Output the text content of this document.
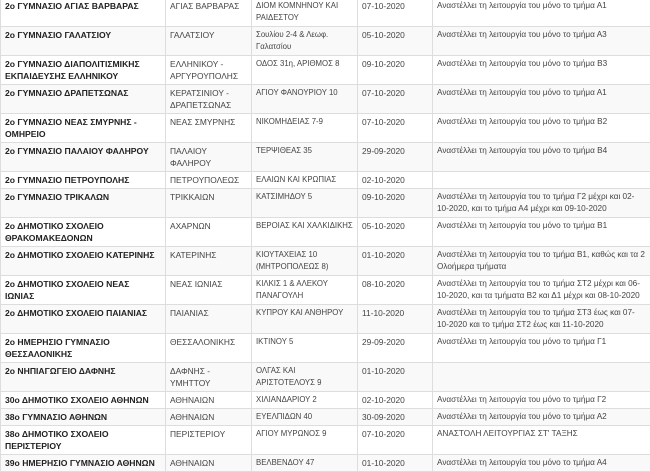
2ο ΓΥΜΝΑΣΙΟ ΑΓΙΑΣ ΒΑΡΒΑΡΑΣ	ΑΓΙΑΣ ΒΑΡΒΑΡΑΣ	ΔΙΟΜ ΚΟΜΝΗΝΟΥ ΚΑΙ ΡΑΙΔΕΣΤΟΥ	07-10-2020	Αναστέλλει τη λειτουργία του μόνο το τμήμα Α1
2ο ΓΥΜΝΑΣΙΟ ΓΑΛΑΤΣΙΟΥ	ΓΑΛΑΤΣΙΟΥ	Σουλίου 2-4 & Λεωφ. Γαλατσίου	05-10-2020	Αναστέλλει τη λειτουργία του μόνο το τμήμα Α3
2ο ΓΥΜΝΑΣΙΟ ΔΙΑΠΟΛΙΤΙΣΜΙΚΗΣ ΕΚΠΑΙΔΕΥΣΗΣ ΕΛΛΗΝΙΚΟΥ	ΕΛΛΗΝΙΚΟΥ - ΑΡΓΥΡΟΥΠΟΛΗΣ	ΟΔΟΣ 31η, ΑΡΙΘΜΟΣ 8	09-10-2020	Αναστέλλει τη λειτουργία του μόνο το τμήμα Β3
2ο ΓΥΜΝΑΣΙΟ ΔΡΑΠΕΤΣΩΝΑΣ	ΚΕΡΑΤΣΙΝΙΟΥ - ΔΡΑΠΕΤΣΩΝΑΣ	ΑΓΙΟΥ ΦΑΝΟΥΡΙΟΥ 10	07-10-2020	Αναστέλλει τη λειτουργία του μόνο το τμήμα Α1
2ο ΓΥΜΝΑΣΙΟ ΝΕΑΣ ΣΜΥΡΝΗΣ - ΟΜΗΡΕΙΟ	ΝΕΑΣ ΣΜΥΡΝΗΣ	ΝΙΚΟΜΗΔΕΙΑΣ 7-9	07-10-2020	Αναστέλλει τη λειτουργία του μόνο το τμήμα Β2
2ο ΓΥΜΝΑΣΙΟ ΠΑΛΑΙΟΥ ΦΑΛΗΡΟΥ	ΠΑΛΑΙΟΥ ΦΑΛΗΡΟΥ	ΤΕΡΨΙΘΕΑΣ 35	29-09-2020	Αναστέλλει τη λειτουργία του μόνο το τμήμα Β4
2ο ΓΥΜΝΑΣΙΟ ΠΕΤΡΟΥΠΟΛΗΣ	ΠΕΤΡΟΥΠΟΛΕΩΣ	ΕΛΑΙΩΝ ΚΑΙ ΚΡΩΠΙΑΣ	02-10-2020	
2ο ΓΥΜΝΑΣΙΟ ΤΡΙΚΑΛΩΝ	ΤΡΙΚΚΑΙΩΝ	ΚΑΤΣΙΜΗΔΟΥ 5	09-10-2020	Αναστέλλει τη λειτουργία του το τμήμα Γ2 μέχρι και 02-10-2020, και τo τμήμα Α4 μέχρι και 09-10-2020
2ο ΔΗΜΟΤΙΚΟ ΣΧΟΛΕΙΟ ΘΡΑΚΟΜΑΚΕΔΟΝΩΝ	ΑΧΑΡΝΩΝ	ΒΕΡΟΙΑΣ ΚΑΙ ΧΑΛΚΙΔΙΚΗΣ	05-10-2020	Αναστέλλει τη λειτουργία του μόνο το τμήμα Β1
2ο ΔΗΜΟΤΙΚΟ ΣΧΟΛΕΙΟ ΚΑΤΕΡΙΝΗΣ	ΚΑΤΕΡΙΝΗΣ	ΚΙΟΥΤΑΧΕΙΑΣ 10 (ΜΗΤΡΟΠΟΛΕΩΣ 8)	01-10-2020	Αναστέλλει τη λειτουργία του το τμήμα Β1, καθώς και τα 2 Ολοήμερα τμήματα
2ο ΔΗΜΟΤΙΚΟ ΣΧΟΛΕΙΟ ΝΕΑΣ ΙΩΝΙΑΣ	ΝΕΑΣ ΙΩΝΙΑΣ	ΚΙΛΚΙΣ 1 & ΑΛΕΚΟΥ ΠΑΝΑΓΟΥΛΗ	08-10-2020	Αναστέλλει τη λειτουργία του το τμήμα ΣΤ2 μέχρι και 06-10-2020, και τα τμήματα Β2 και Δ1 μέχρι και 08-10-2020
2ο ΔΗΜΟΤΙΚΟ ΣΧΟΛΕΙΟ ΠΑΙΑΝΙΑΣ	ΠΑΙΑΝΙΑΣ	ΚΥΠΡΟΥ ΚΑΙ ΑΝΘΗΡΟΥ	11-10-2020	Αναστέλλει τη λειτουργία του το τμήμα ΣΤ3 έως και 07-10-2020 και το τμήμα ΣΤ2 έως και 11-10-2020
2ο ΗΜΕΡΗΣΙΟ ΓΥΜΝΑΣΙΟ ΘΕΣΣΑΛΟΝΙΚΗΣ	ΘΕΣΣΑΛΟΝΙΚΗΣ	ΙΚΤΙΝΟΥ 5	29-09-2020	Αναστέλλει τη λειτουργία του μόνο το τμήμα Γ1
2ο ΝΗΠΙΑΓΩΓΕΙΟ ΔΑΦΝΗΣ	ΔΑΦΝΗΣ - ΥΜΗΤΤΟΥ	ΟΛΓΑΣ ΚΑΙ ΑΡΙΣΤΟΤΕΛΟΥΣ 9	01-10-2020	
30ο ΔΗΜΟΤΙΚΟ ΣΧΟΛΕΙΟ ΑΘΗΝΩΝ	ΑΘΗΝΑΙΩΝ	ΧΙΛΙΑΝΔΑΡΙΟΥ 2	02-10-2020	Αναστέλλει τη λειτουργία του μόνο το τμήμα Γ2
38ο ΓΥΜΝΑΣΙΟ ΑΘΗΝΩΝ	ΑΘΗΝΑΙΩΝ	ΕΥΕΛΠΙΔΩΝ 40	30-09-2020	Αναστέλλει τη λειτουργία του μόνο το τμήμα Α2
38ο ΔΗΜΟΤΙΚΟ ΣΧΟΛΕΙΟ ΠΕΡΙΣΤΕΡΙΟΥ	ΠΕΡΙΣΤΕΡΙΟΥ	ΑΓΙΟΥ ΜΥΡΩΝΟΣ 9	07-10-2020	ΑΝΑΣΤΟΛΗ ΛΕΙΤΟΥΡΓΙΑΣ ΣΤ' ΤΑΞΗΣ
39ο ΗΜΕΡΗΣΙΟ ΓΥΜΝΑΣΙΟ ΑΘΗΝΩΝ	ΑΘΗΝΑΙΩΝ	ΒΕΛΒΕΝΔΟΥ 47	01-10-2020	Αναστέλλει τη λειτουργία του μόνο το τμήμα Α4
